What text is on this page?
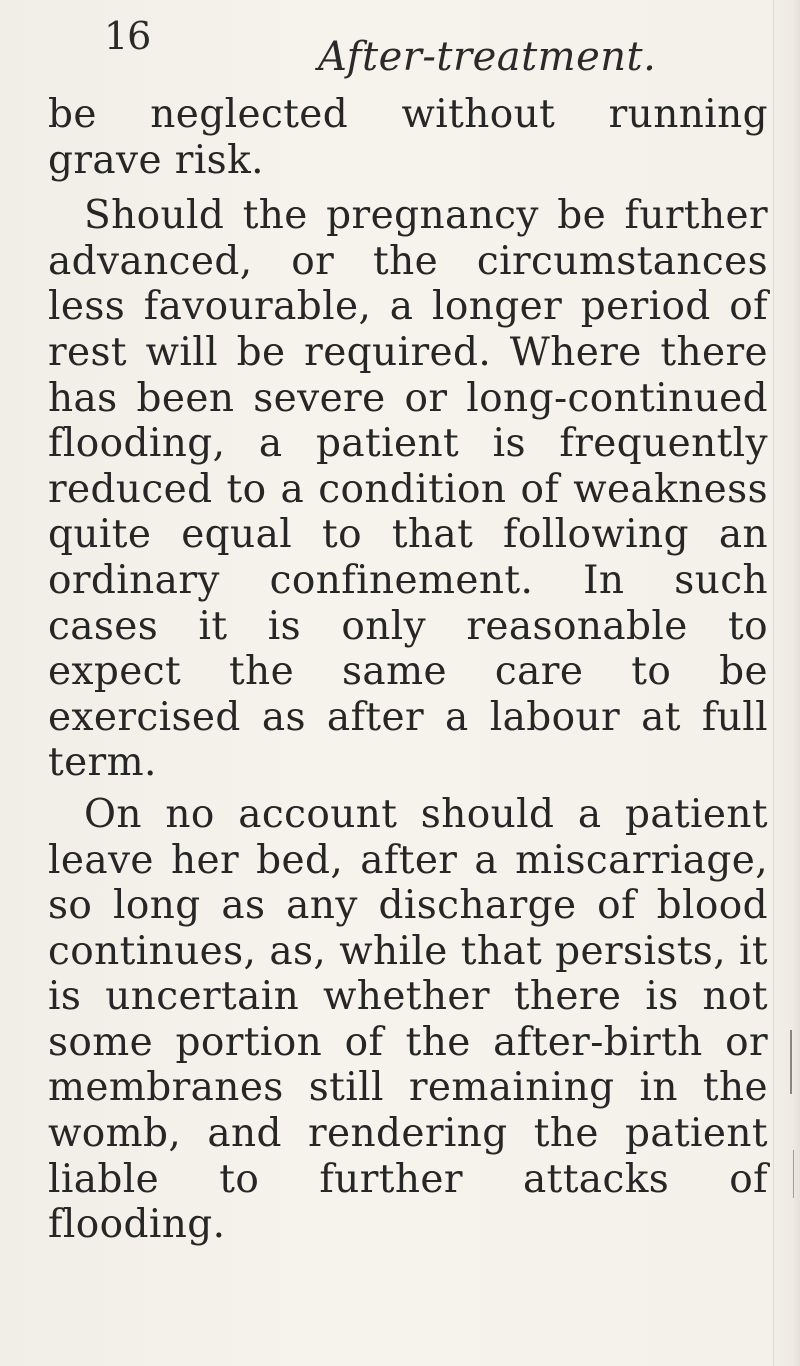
16	After-treatment.

be neglected without running grave risk.

Should the pregnancy be further advanced, or the circumstances less favourable, a longer period of rest will be required. Where there has been severe or long-continued flooding, a patient is frequently reduced to a condition of weakness quite equal to that following an ordinary confinement. In such cases it is only reasonable to expect the same care to be exercised as after a labour at full term.

On no account should a patient leave her bed, after a miscarriage, so long as any discharge of blood continues, as, while that persists, it is uncertain whether there is not some portion of the after-birth or membranes still remaining in the womb, and rendering the patient liable to further attacks of flooding.
